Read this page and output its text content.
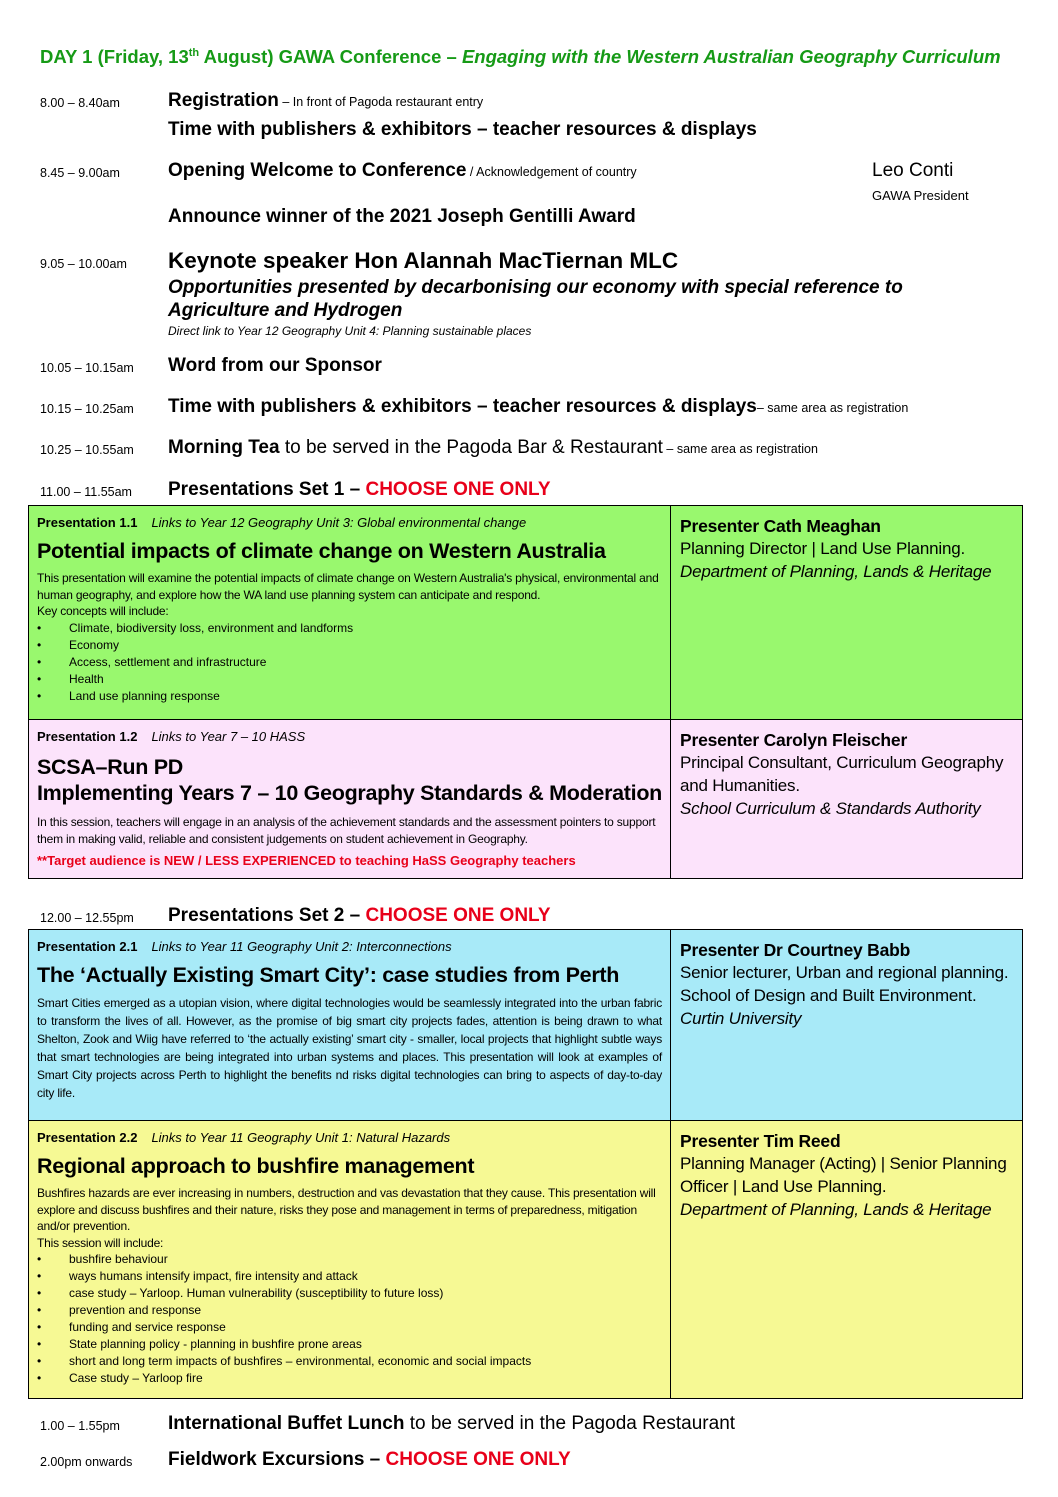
DAY 1 (Friday, 13th August) GAWA Conference – Engaging with the Western Australian Geography Curriculum
8.00 – 8.40am	Registration – In front of Pagoda restaurant entry
Time with publishers & exhibitors – teacher resources & displays
8.45 – 9.00am	Opening Welcome to Conference / Acknowledgement of country	Leo Conti
GAWA President
Announce winner of the 2021 Joseph Gentilli Award
9.05 – 10.00am Keynote speaker Hon Alannah MacTiernan MLC
Opportunities presented by decarbonising our economy with special reference to
Agriculture and Hydrogen
Direct link to Year 12 Geography Unit 4: Planning sustainable places
10.05 – 10.15am Word from our Sponsor
10.15 – 10.25am Time with publishers & exhibitors – teacher resources & displays– same area as registration
10.25 – 10.55am Morning Tea to be served in the Pagoda Bar & Restaurant – same area as registration
11.00 – 11.55am Presentations Set 1 – CHOOSE ONE ONLY
Presentation 1.1 Links to Year 12 Geography Unit 3: Global environmental change
Potential impacts of climate change on Western Australia
This presentation will examine the potential impacts of climate change on Western Australia's physical, environmental and human geography, and explore how the WA land use planning system can anticipate and respond.
Key concepts will include:
• Climate, biodiversity loss, environment and landforms
• Economy
• Access, settlement and infrastructure
• Health
• Land use planning response
Presenter Cath Meaghan
Planning Director | Land Use Planning.
Department of Planning, Lands & Heritage
Presentation 1.2 Links to Year 7 – 10 HASS
SCSA–Run PD
Implementing Years 7 – 10 Geography Standards & Moderation
In this session, teachers will engage in an analysis of the achievement standards and the assessment pointers to support them in making valid, reliable and consistent judgements on student achievement in Geography.
**Target audience is NEW / LESS EXPERIENCED to teaching HaSS Geography teachers
Presenter Carolyn Fleischer
Principal Consultant, Curriculum Geography
and Humanities.
School Curriculum & Standards Authority
12.00 – 12.55pm Presentations Set 2 – CHOOSE ONE ONLY
Presentation 2.1 Links to Year 11 Geography Unit 2: Interconnections
The ‘Actually Existing Smart City’: case studies from Perth
Smart Cities emerged as a utopian vision, where digital technologies would be seamlessly integrated into the urban fabric to transform the lives of all. However, as the promise of big smart city projects fades, attention is being drawn to what Shelton, Zook and Wiig have referred to ‘the actually existing’ smart city - smaller, local projects that highlight subtle ways that smart technologies are being integrated into urban systems and places. This presentation will look at examples of Smart City projects across Perth to highlight the benefits nd risks digital technologies can bring to aspects of day-to-day city life.
Presenter Dr Courtney Babb
Senior lecturer, Urban and regional planning.
School of Design and Built Environment.
Curtin University
Presentation 2.2 Links to Year 11 Geography Unit 1: Natural Hazards
Regional approach to bushfire management
Bushfires hazards are ever increasing in numbers, destruction and vas devastation that they cause. This presentation will explore and discuss bushfires and their nature, risks they pose and management in terms of preparedness, mitigation and/or prevention.
This session will include:
• bushfire behaviour
• ways humans intensify impact, fire intensity and attack
• case study – Yarloop. Human vulnerability (susceptibility to future loss)
• prevention and response
• funding and service response
• State planning policy - planning in bushfire prone areas
• short and long term impacts of bushfires – environmental, economic and social impacts
• Case study – Yarloop fire
Presenter Tim Reed
Planning Manager (Acting) | Senior Planning
Officer | Land Use Planning.
Department of Planning, Lands & Heritage
1.00 – 1.55pm	International Buffet Lunch to be served in the Pagoda Restaurant
2.00pm onwards Fieldwork Excursions – CHOOSE ONE ONLY
